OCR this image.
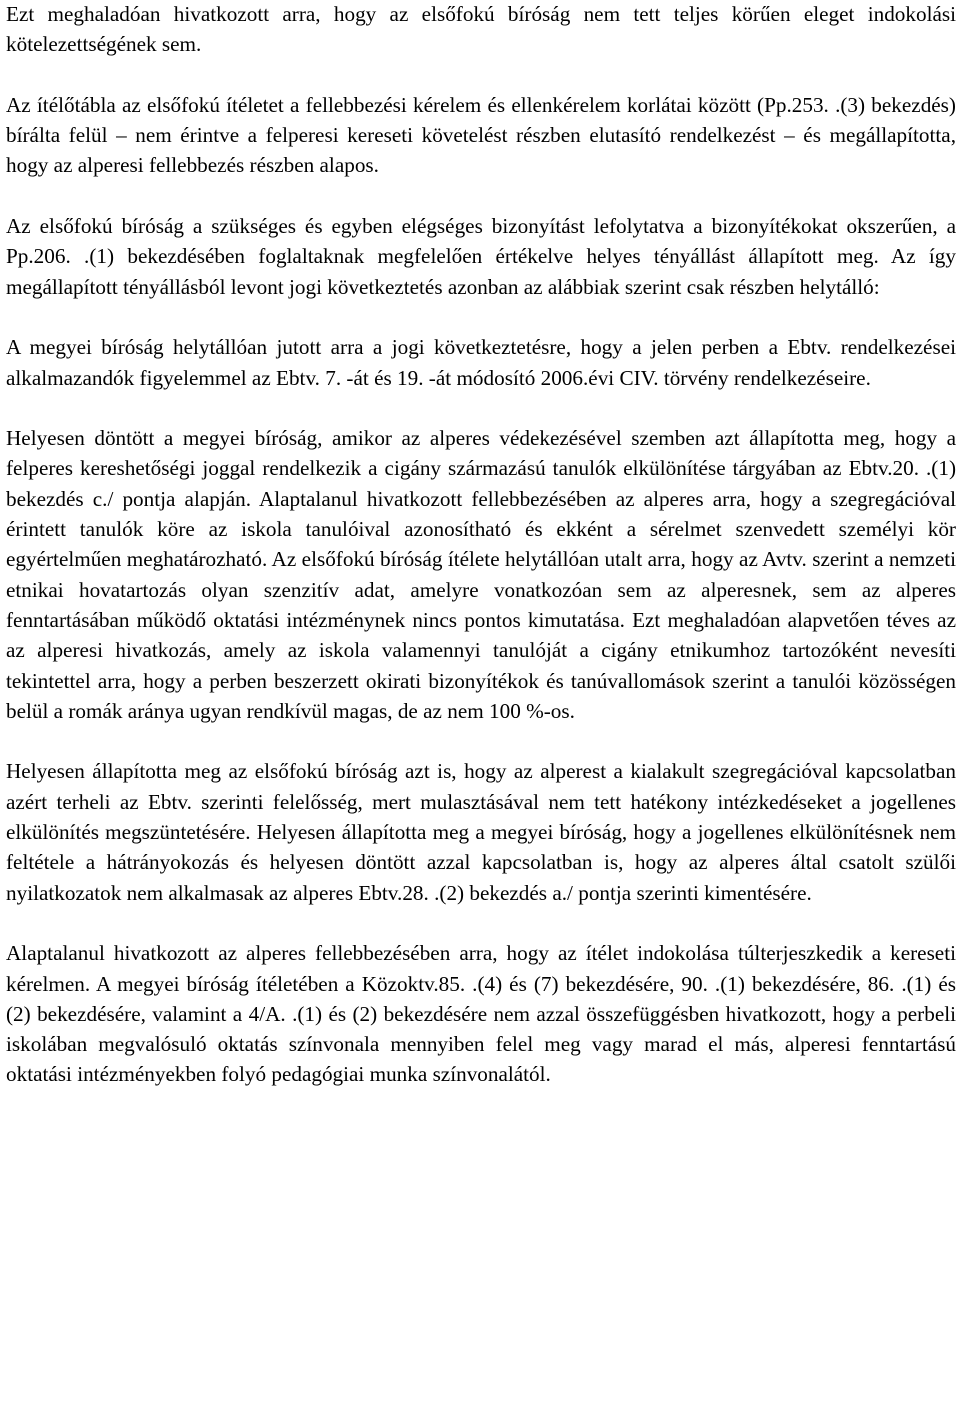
Ezt meghaladóan hivatkozott arra, hogy az elsőfokú bíróság nem tett teljes körűen eleget indokolási kötelezettségének sem.

Az ítélőtábla az elsőfokú ítéletet a fellebbezési kérelem és ellenkérelem korlátai között (Pp.253. .(3) bekezdés) bírálta felül – nem érintve a felperesi kereseti követelést részben elutasító rendelkezést – és megállapította, hogy az alperesi fellebbezés részben alapos.

Az elsőfokú bíróság a szükséges és egyben elégséges bizonyítást lefolytatva a bizonyítékokat okszerűen, a Pp.206. .(1) bekezdésében foglaltaknak megfelelően értékelve helyes tényállást állapított meg. Az így megállapított tényállásból levont jogi következtetés azonban az alábbiak szerint csak részben helytálló:

A megyei bíróság helytállóan jutott arra a jogi következtetésre, hogy a jelen perben a Ebtv. rendelkezései alkalmazandók figyelemmel az Ebtv. 7. -át és 19. -át módosító 2006.évi CIV. törvény rendelkezéseire.

Helyesen döntött a megyei bíróság, amikor az alperes védekezésével szemben azt állapította meg, hogy a felperes kereshetőségi joggal rendelkezik a cigány származású tanulók elkülönítése tárgyában az Ebtv.20. .(1) bekezdés c./ pontja alapján. Alaptalanul hivatkozott fellebbezésében az alperes arra, hogy a szegregációval érintett tanulók köre az iskola tanulóival azonosítható és ekként a sérelmet szenvedett személyi kör egyértelműen meghatározható. Az elsőfokú bíróság ítélete helytállóan utalt arra, hogy az Avtv. szerint a nemzeti etnikai hovatartozás olyan szenzitív adat, amelyre vonatkozóan sem az alperesnek, sem az alperes fenntartásában működő oktatási intézménynek nincs pontos kimutatása. Ezt meghaladóan alapvetően téves az az alperesi hivatkozás, amely az iskola valamennyi tanulóját a cigány etnikumhoz tartozóként nevesíti tekintettel arra, hogy a perben beszerzett okirati bizonyítékok és tanúvallomások szerint a tanulói közösségen belül a romák aránya ugyan rendkívül magas, de az nem 100 %-os.

Helyesen állapította meg az elsőfokú bíróság azt is, hogy az alperest a kialakult szegregációval kapcsolatban azért terheli az Ebtv. szerinti felelősség, mert mulasztásával nem tett hatékony intézkedéseket a jogellenes elkülönítés megszüntetésére. Helyesen állapította meg a megyei bíróság, hogy a jogellenes elkülönítésnek nem feltétele a hátrányokozás és helyesen döntött azzal kapcsolatban is, hogy az alperes által csatolt szülői nyilatkozatok nem alkalmasak az alperes Ebtv.28. .(2) bekezdés a./ pontja szerinti kimentésére.

Alaptalanul hivatkozott az alperes fellebbezésében arra, hogy az ítélet indokolása túlterjeszkedik a kereseti kérelmen. A megyei bíróság ítéletében a Közoktv.85. .(4) és (7) bekezdésére, 90. .(1) bekezdésére, 86. .(1) és (2) bekezdésére, valamint a 4/A. .(1) és (2) bekezdésére nem azzal összefüggésben hivatkozott, hogy a perbeli iskolában megvalósuló oktatás színvonala mennyiben felel meg vagy marad el más, alperesi fenntartású oktatási intézményekben folyó pedagógiai munka színvonalától.
